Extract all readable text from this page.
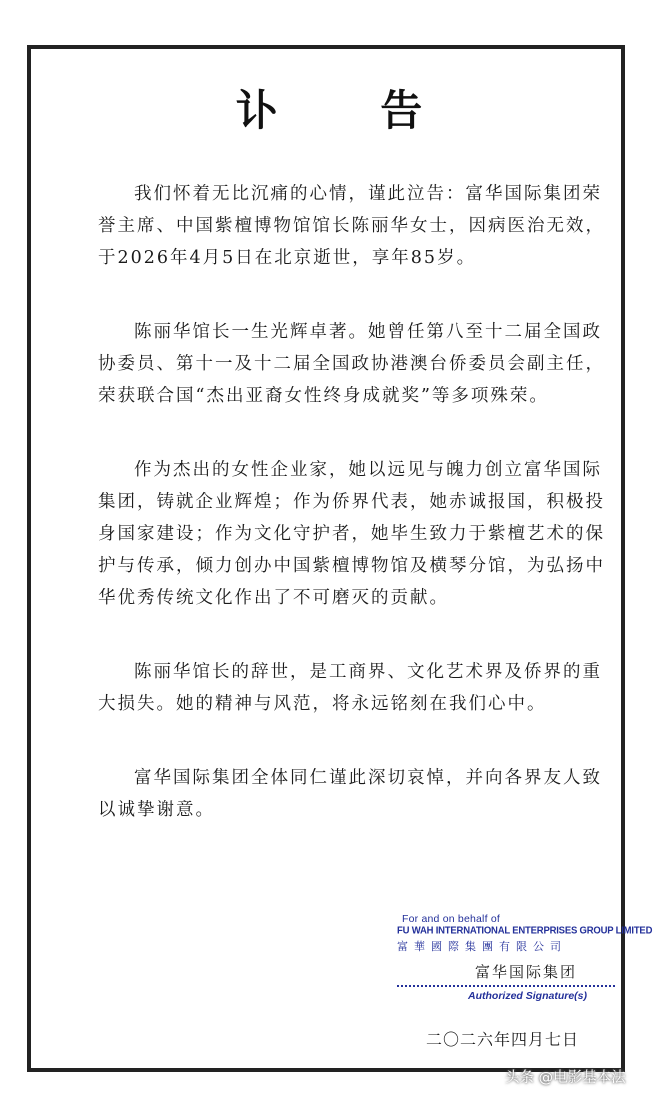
讣 告

我们怀着无比沉痛的心情，谨此泣告：富华国际集团荣誉主席、中国紫檀博物馆馆长陈丽华女士，因病医治无效，于2026年4月5日在北京逝世，享年85岁。

陈丽华馆长一生光辉卓著。她曾任第八至十二届全国政协委员、第十一及十二届全国政协港澳台侨委员会副主任，荣获联合国“杰出亚裔女性终身成就奖”等多项殊荣。

作为杰出的女性企业家，她以远见与魄力创立富华国际集团，铸就企业辉煌；作为侨界代表，她赤诚报国，积极投身国家建设；作为文化守护者，她毕生致力于紫檀艺术的保护与传承，倾力创办中国紫檀博物馆及横琴分馆，为弘扬中华优秀传统文化作出了不可磨灭的贡献。

陈丽华馆长的辞世，是工商界、文化艺术界及侨界的重大损失。她的精神与风范，将永远铭刻在我们心中。

富华国际集团全体同仁谨此深切哀悼，并向各界友人致以诚挚谢意。

For and on behalf of
FU WAH INTERNATIONAL ENTERPRISES GROUP LIMITED
富華國際集團有限公司
富华国际集团
Authorized Signature(s)
二〇二六年四月七日
头条 @电影基本法
